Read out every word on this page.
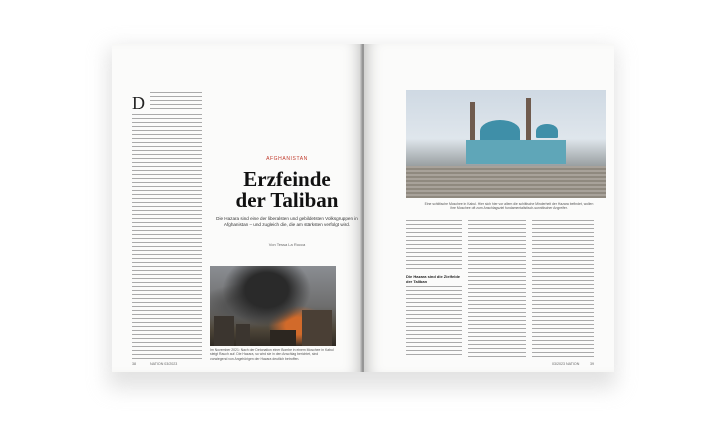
D
AFGHANISTAN
Erzfeinde
der Taliban
Die Hazara sind eine der liberalsten und gebildetsten Volksgruppen in Afghanistan – und zugleich die, die am stärksten verfolgt wird.
Von Tessa La Rocca
Im November 2021: Nach der Detonation einer Bombe in einem Moschee in Kabul steigt Rauch auf. Die Hazara, so wird sie in den Anschlag berichtet, sind vorwiegend von Angehörigen der Hazara deutlich betroffen.
38	NATION 03/2023
Eine schiitische Moschee in Kabul. Hier sich hier vor allem die schiitische Minderheit der Hazara befindet, wollen ihre Moschee oft zum Anschlagsziel fundamentalistisch-sunnitischer Angreifer.
Die Hazara sind die Zielfelde der Taliban
03/2023 NATION	39
